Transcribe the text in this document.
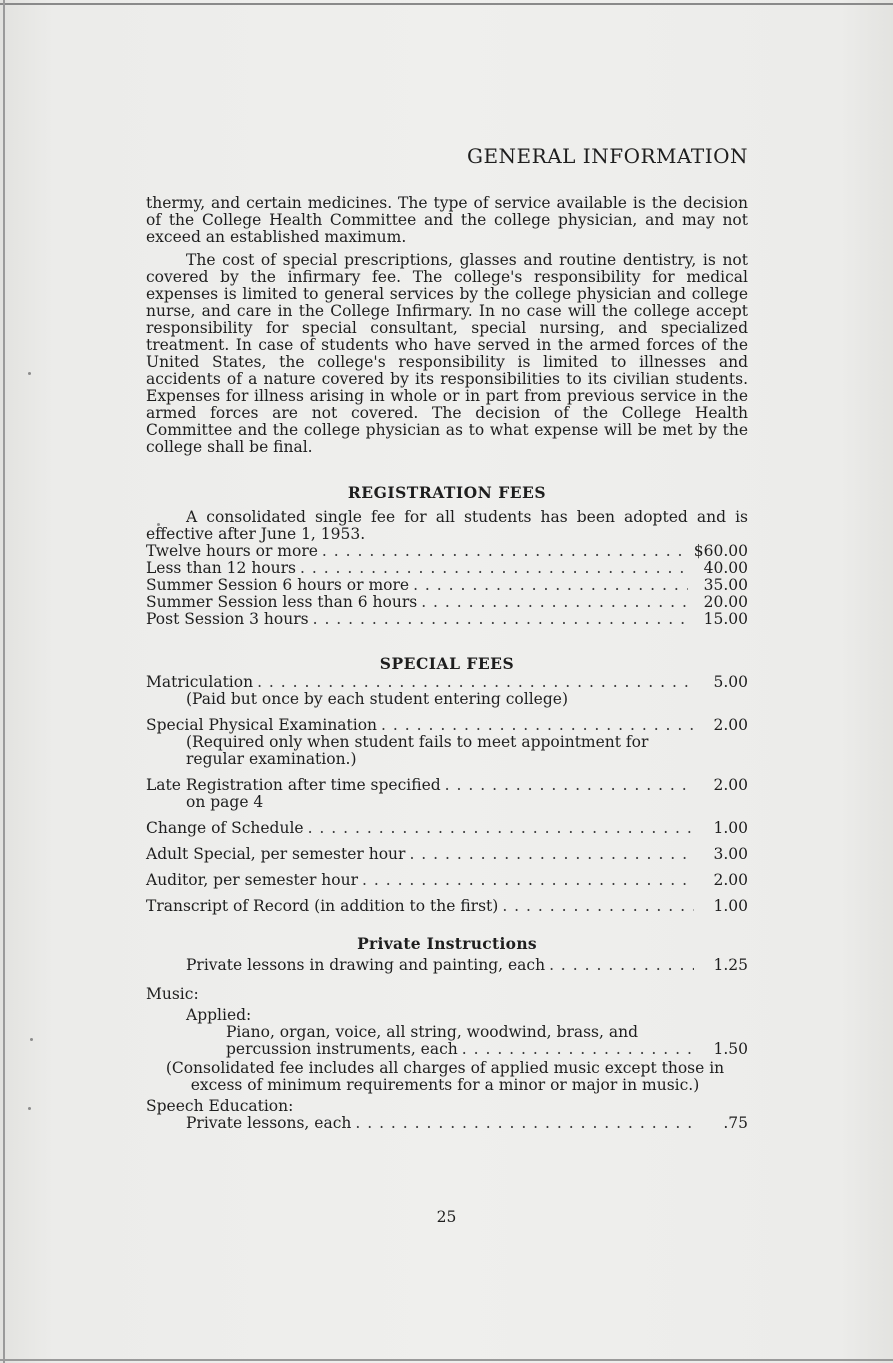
GENERAL INFORMATION

thermy, and certain medicines. The type of service available is the decision of the College Health Committee and the college physician, and may not exceed an established maximum.

The cost of special prescriptions, glasses and routine dentistry, is not covered by the infirmary fee. The college's responsibility for medical expenses is limited to general services by the college physician and college nurse, and care in the College Infirmary. In no case will the college accept responsibility for special consultant, special nursing, and specialized treatment. In case of students who have served in the armed forces of the United States, the college's responsibility is limited to illnesses and accidents of a nature covered by its responsibilities to its civilian students. Expenses for illness arising in whole or in part from previous service in the armed forces are not covered. The decision of the College Health Committee and the college physician as to what expense will be met by the college shall be final.

REGISTRATION FEES

A consolidated single fee for all students has been adopted and is effective after June 1, 1953.

Twelve hours or more . . .	$60.00
Less than 12 hours . . .	40.00
Summer Session 6 hours or more . . .	35.00
Summer Session less than 6 hours . . .	20.00
Post Session 3 hours . . .	15.00
SPECIAL FEES
Matriculation . . .	5.00
(Paid but once by each student entering college)
Special Physical Examination . . .	2.00
(Required only when student fails to meet appointment for regular examination.)
Late Registration after time specified . . .	2.00
on page 4
Change of Schedule . . .	1.00
Adult Special, per semester hour . . .	3.00
Auditor, per semester hour . . .	2.00
Transcript of Record (in addition to the first) . . .	1.00
Private Instructions
Private lessons in drawing and painting, each . . .	1.25
Music:
Applied:
Piano, organ, voice, all string, woodwind, brass, and
percussion instruments, each . . .	1.50
(Consolidated fee includes all charges of applied music except those in excess of minimum requirements for a minor or major in music.)
Speech Education:
Private lessons, each . . .	.75
25
